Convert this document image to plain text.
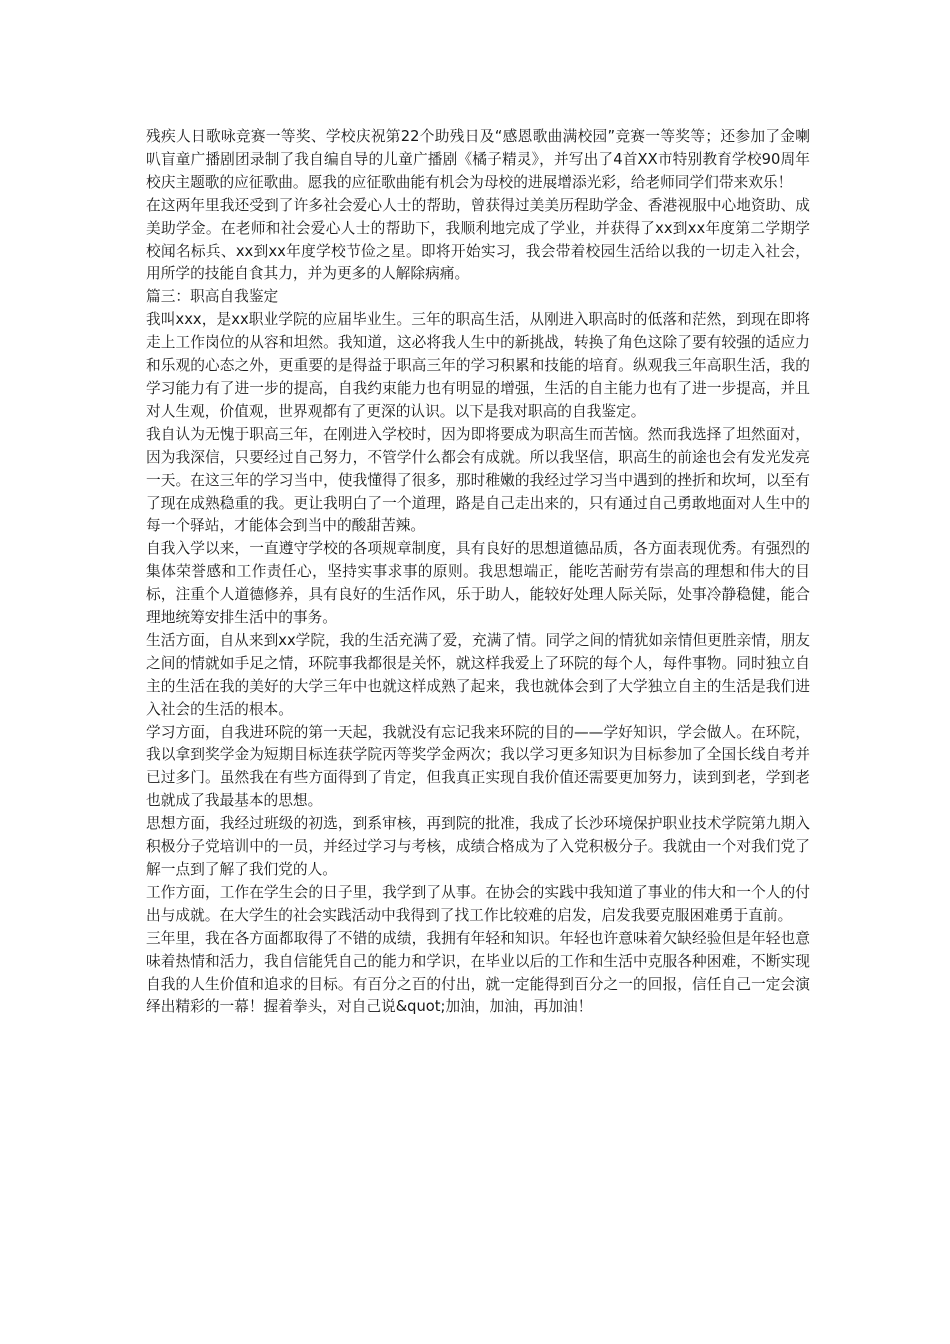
残疾人日歌咏竞赛一等奖、学校庆祝第22个助残日及“感恩歌曲满校园”竞赛一等奖等；还参加了金喇叭盲童广播剧团录制了我自编自导的儿童广播剧《橘子精灵》，并写出了4首XX市特别教育学校90周年校庆主题歌的应征歌曲。愿我的应征歌曲能有机会为母校的进展增添光彩，给老师同学们带来欢乐！

在这两年里我还受到了许多社会爱心人士的帮助，曾获得过美美历程助学金、香港视服中心地资助、成美助学金。在老师和社会爱心人士的帮助下，我顺利地完成了学业，并获得了xx到xx年度第二学期学校闻名标兵、xx到xx年度学校节俭之星。即将开始实习，我会带着校园生活给以我的一切走入社会，用所学的技能自食其力，并为更多的人解除病痛。

篇三：职高自我鉴定

我叫xxx，是xx职业学院的应届毕业生。三年的职高生活，从刚进入职高时的低落和茫然，到现在即将走上工作岗位的从容和坦然。我知道，这必将我人生中的新挑战，转换了角色这除了要有较强的适应力和乐观的心态之外，更重要的是得益于职高三年的学习积累和技能的培育。纵观我三年高职生活，我的学习能力有了进一步的提高，自我约束能力也有明显的增强，生活的自主能力也有了进一步提高，并且对人生观，价值观，世界观都有了更深的认识。以下是我对职高的自我鉴定。

我自认为无愧于职高三年，在刚进入学校时，因为即将要成为职高生而苦恼。然而我选择了坦然面对，因为我深信，只要经过自己努力，不管学什么都会有成就。所以我坚信，职高生的前途也会有发光发亮一天。在这三年的学习当中，使我懂得了很多，那时稚嫩的我经过学习当中遇到的挫折和坎坷，以至有了现在成熟稳重的我。更让我明白了一个道理，路是自己走出来的，只有通过自己勇敢地面对人生中的每一个驿站，才能体会到当中的酸甜苦辣。

自我入学以来，一直遵守学校的各项规章制度，具有良好的思想道德品质，各方面表现优秀。有强烈的集体荣誉感和工作责任心，坚持实事求事的原则。我思想端正，能吃苦耐劳有崇高的理想和伟大的目标，注重个人道德修养，具有良好的生活作风，乐于助人，能较好处理人际关际，处事冷静稳健，能合理地统筹安排生活中的事务。

生活方面，自从来到xx学院，我的生活充满了爱，充满了情。同学之间的情犹如亲情但更胜亲情，朋友之间的情就如手足之情，环院事我都很是关怀，就这样我爱上了环院的每个人，每件事物。同时独立自主的生活在我的美好的大学三年中也就这样成熟了起来，我也就体会到了大学独立自主的生活是我们进入社会的生活的根本。

学习方面，自我进环院的第一天起，我就没有忘记我来环院的目的——学好知识，学会做人。在环院，我以拿到奖学金为短期目标连获学院丙等奖学金两次；我以学习更多知识为目标参加了全国长线自考并已过多门。虽然我在有些方面得到了肯定，但我真正实现自我价值还需要更加努力，读到到老，学到老也就成了我最基本的思想。

思想方面，我经过班级的初选，到系审核，再到院的批准，我成了长沙环境保护职业技术学院第九期入积极分子党培训中的一员，并经过学习与考核，成绩合格成为了入党积极分子。我就由一个对我们党了解一点到了解了我们党的人。

工作方面，工作在学生会的日子里，我学到了从事。在协会的实践中我知道了事业的伟大和一个人的付出与成就。在大学生的社会实践活动中我得到了找工作比较难的启发，启发我要克服困难勇于直前。

三年里，我在各方面都取得了不错的成绩，我拥有年轻和知识。年轻也许意味着欠缺经验但是年轻也意味着热情和活力，我自信能凭自己的能力和学识，在毕业以后的工作和生活中克服各种困难，不断实现自我的人生价值和追求的目标。有百分之百的付出，就一定能得到百分之一的回报，信任自己一定会演绎出精彩的一幕！握着拳头，对自己说&quot;加油，加油，再加油！
